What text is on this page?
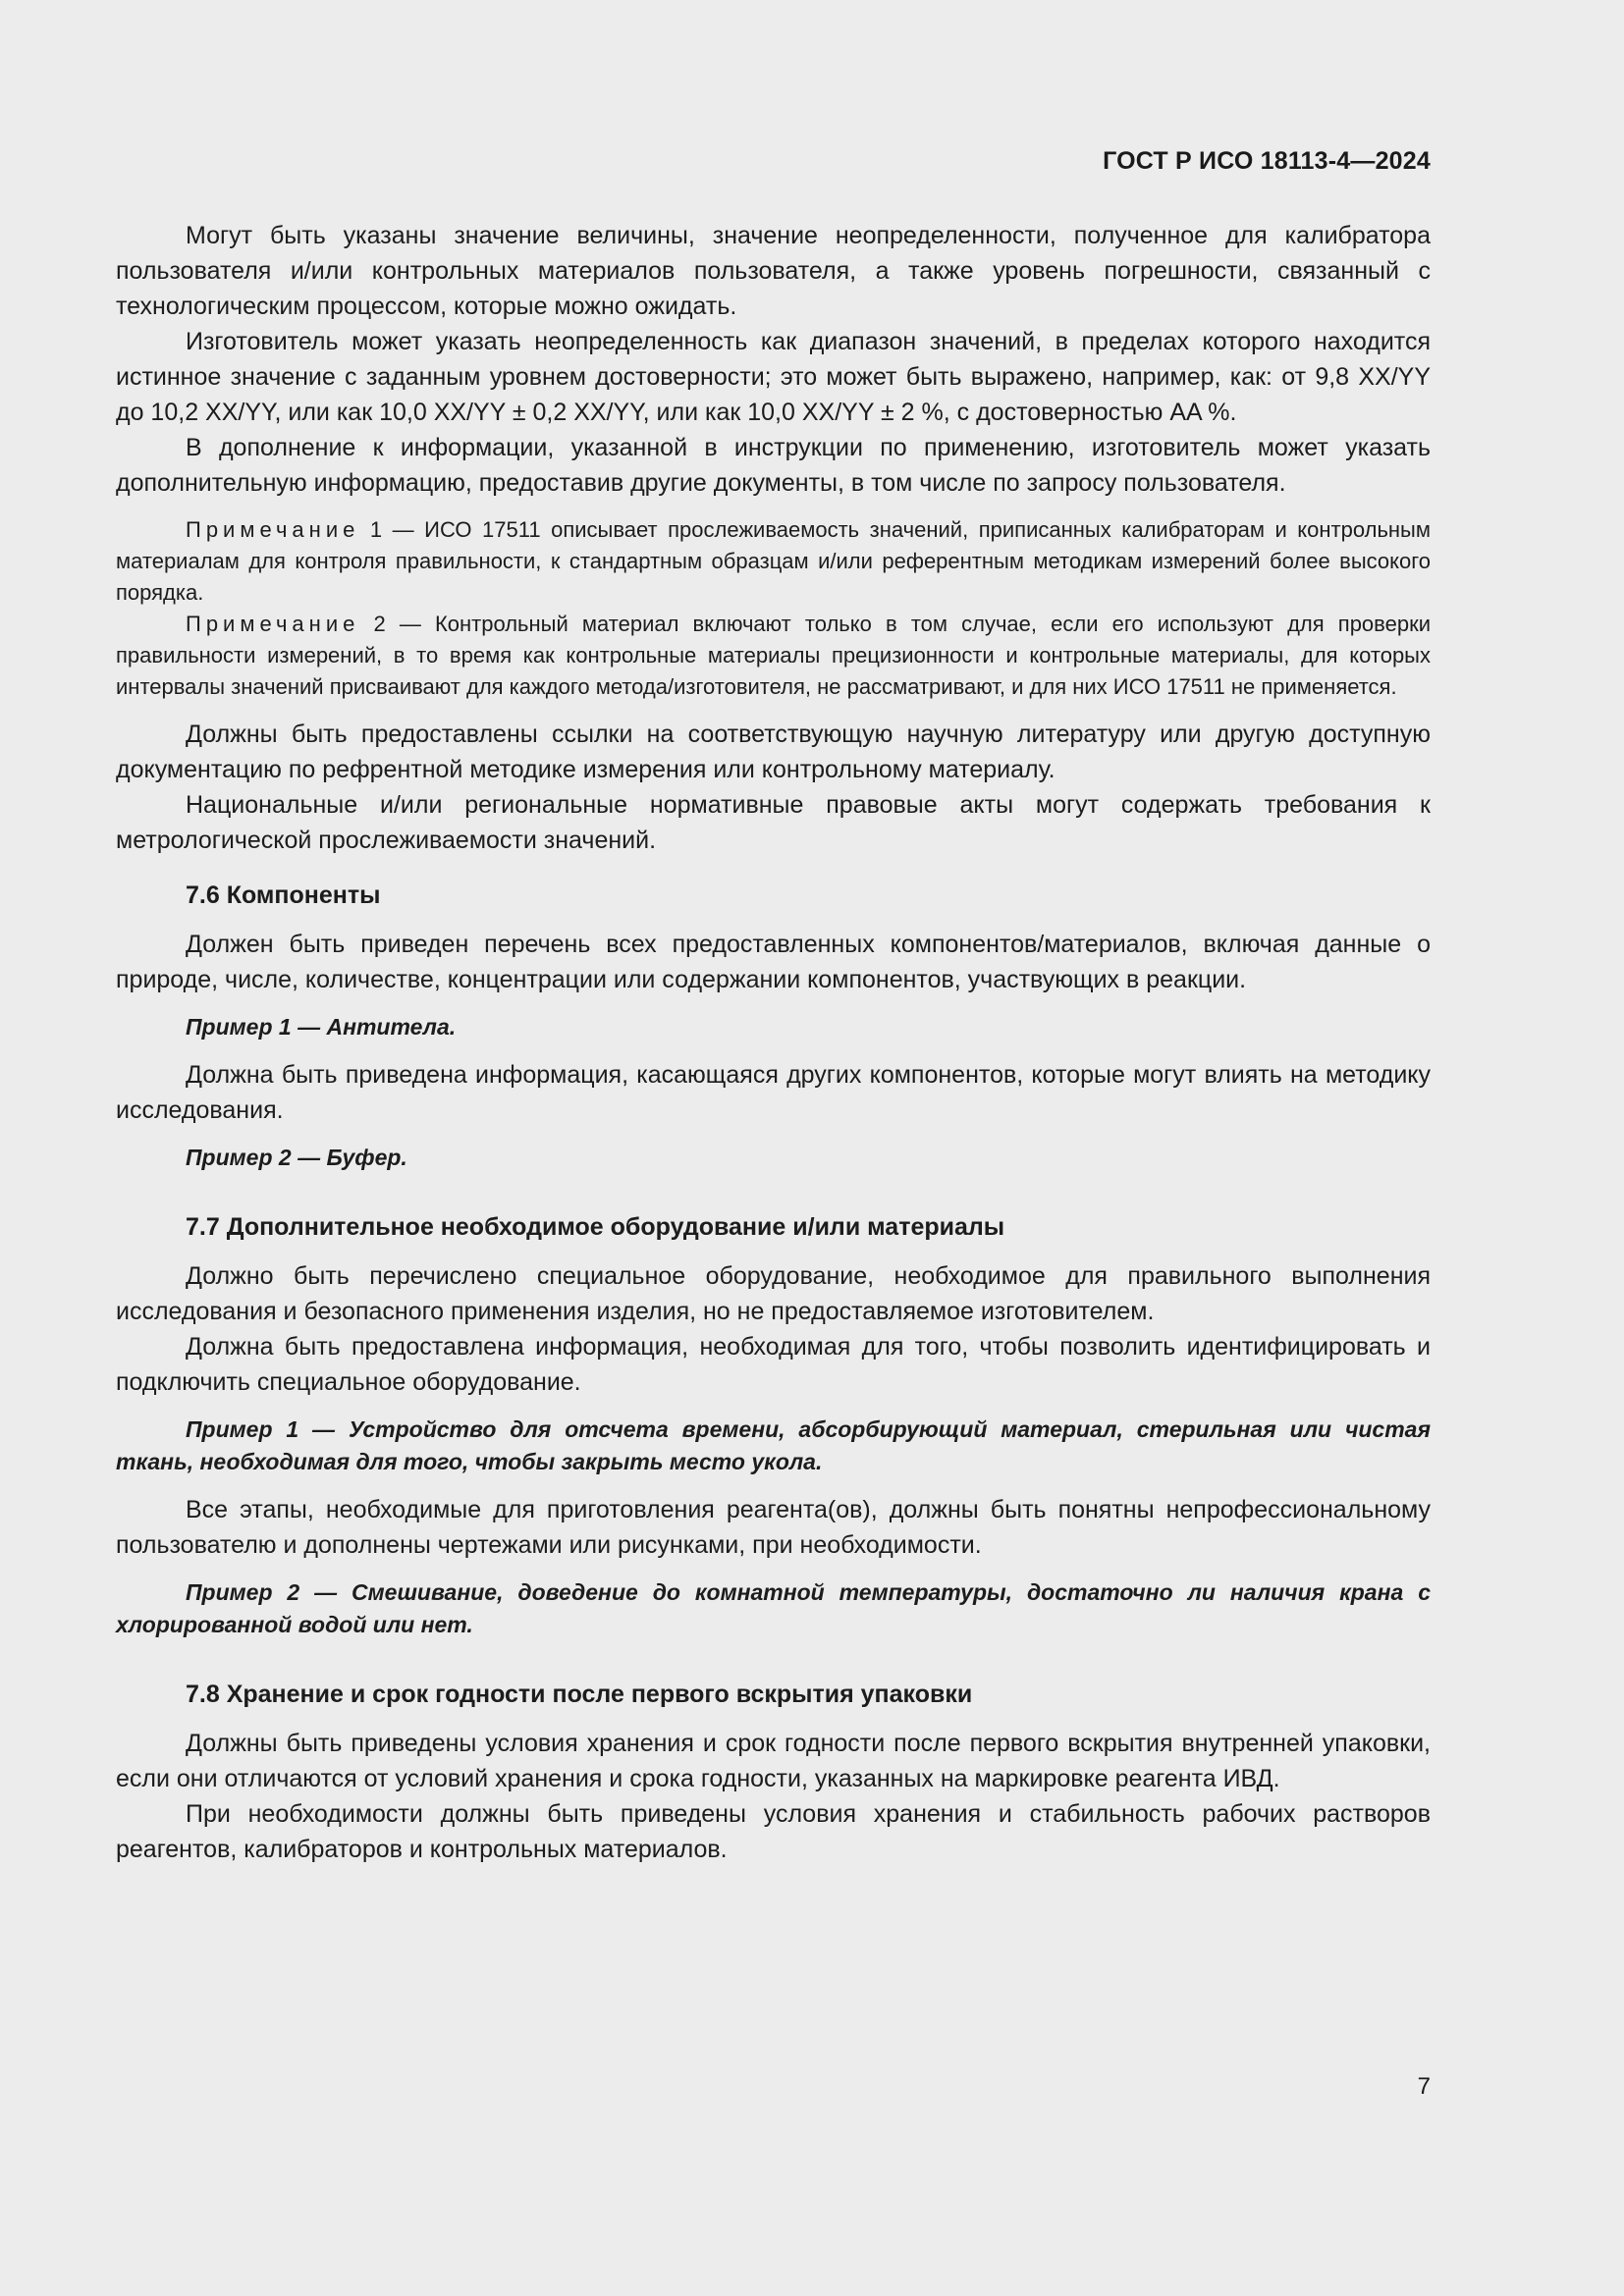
ГОСТ Р ИСО 18113-4—2024

Могут быть указаны значение величины, значение неопределенности, полученное для калибратора пользователя и/или контрольных материалов пользователя, а также уровень погрешности, связанный с технологическим процессом, которые можно ожидать.

Изготовитель может указать неопределенность как диапазон значений, в пределах которого находится истинное значение с заданным уровнем достоверности; это может быть выражено, например, как: от 9,8 XX/YY до 10,2 XX/YY, или как 10,0 XX/YY ± 0,2 XX/YY, или как 10,0 XX/YY ± 2 %, с достоверностью AA %.

В дополнение к информации, указанной в инструкции по применению, изготовитель может указать дополнительную информацию, предоставив другие документы, в том числе по запросу пользователя.

Примечание 1 — ИСО 17511 описывает прослеживаемость значений, приписанных калибраторам и контрольным материалам для контроля правильности, к стандартным образцам и/или референтным методикам измерений более высокого порядка.

Примечание 2 — Контрольный материал включают только в том случае, если его используют для проверки правильности измерений, в то время как контрольные материалы прецизионности и контрольные материалы, для которых интервалы значений присваивают для каждого метода/изготовителя, не рассматривают, и для них ИСО 17511 не применяется.

Должны быть предоставлены ссылки на соответствующую научную литературу или другую доступную документацию по рефрентной методике измерения или контрольному материалу.

Национальные и/или региональные нормативные правовые акты могут содержать требования к метрологической прослеживаемости значений.

7.6 Компоненты

Должен быть приведен перечень всех предоставленных компонентов/материалов, включая данные о природе, числе, количестве, концентрации или содержании компонентов, участвующих в реакции.

Пример 1 — Антитела.

Должна быть приведена информация, касающаяся других компонентов, которые могут влиять на методику исследования.

Пример 2 — Буфер.

7.7 Дополнительное необходимое оборудование и/или материалы

Должно быть перечислено специальное оборудование, необходимое для правильного выполнения исследования и безопасного применения изделия, но не предоставляемое изготовителем.

Должна быть предоставлена информация, необходимая для того, чтобы позволить идентифицировать и подключить специальное оборудование.

Пример 1 — Устройство для отсчета времени, абсорбирующий материал, стерильная или чистая ткань, необходимая для того, чтобы закрыть место укола.

Все этапы, необходимые для приготовления реагента(ов), должны быть понятны непрофессиональному пользователю и дополнены чертежами или рисунками, при необходимости.

Пример 2 — Смешивание, доведение до комнатной температуры, достаточно ли наличия крана с хлорированной водой или нет.

7.8 Хранение и срок годности после первого вскрытия упаковки

Должны быть приведены условия хранения и срок годности после первого вскрытия внутренней упаковки, если они отличаются от условий хранения и срока годности, указанных на маркировке реагента ИВД.

При необходимости должны быть приведены условия хранения и стабильность рабочих растворов реагентов, калибраторов и контрольных материалов.

7
